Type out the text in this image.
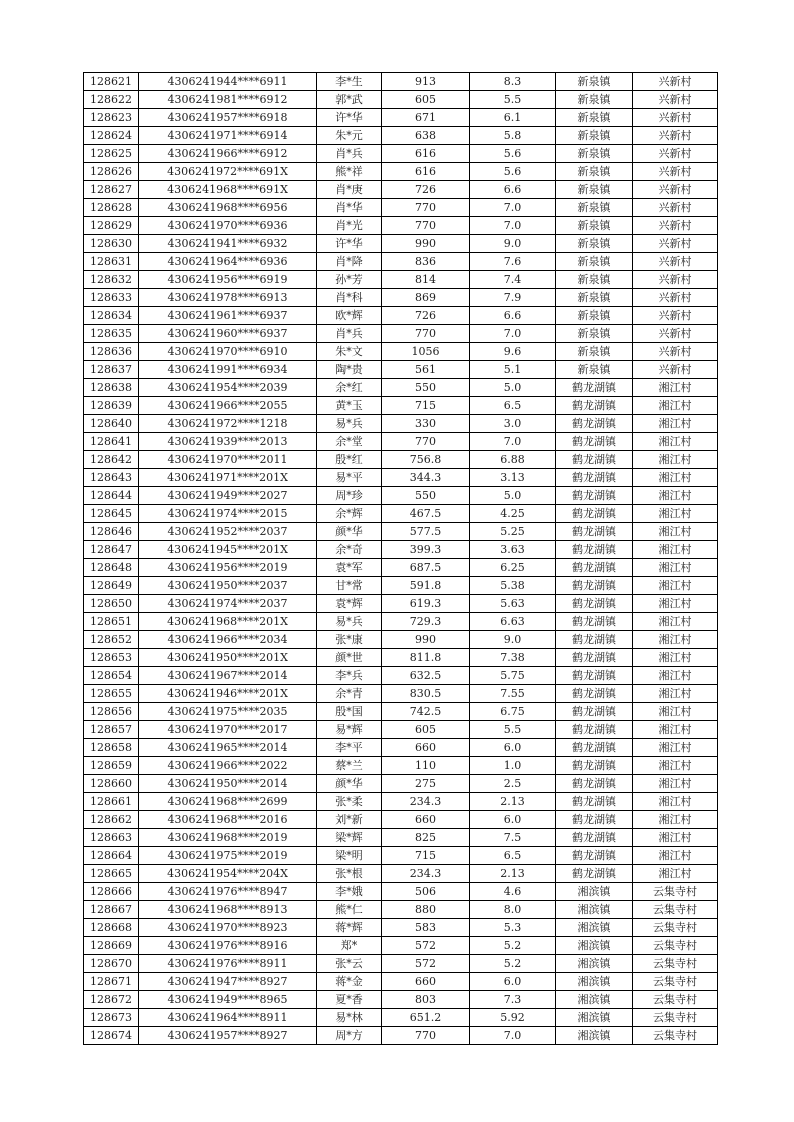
128621	4306241944****6911	李*生	913	8.3	新泉镇	兴新村
128622	4306241981****6912	郭*武	605	5.5	新泉镇	兴新村
128623	4306241957****6918	许*华	671	6.1	新泉镇	兴新村
128624	4306241971****6914	朱*元	638	5.8	新泉镇	兴新村
128625	4306241966****6912	肖*兵	616	5.6	新泉镇	兴新村
128626	4306241972****691X	熊*祥	616	5.6	新泉镇	兴新村
128627	4306241968****691X	肖*庚	726	6.6	新泉镇	兴新村
128628	4306241968****6956	肖*华	770	7.0	新泉镇	兴新村
128629	4306241970****6936	肖*光	770	7.0	新泉镇	兴新村
128630	4306241941****6932	许*华	990	9.0	新泉镇	兴新村
128631	4306241964****6936	肖*降	836	7.6	新泉镇	兴新村
128632	4306241956****6919	孙*芳	814	7.4	新泉镇	兴新村
128633	4306241978****6913	肖*科	869	7.9	新泉镇	兴新村
128634	4306241961****6937	欧*辉	726	6.6	新泉镇	兴新村
128635	4306241960****6937	肖*兵	770	7.0	新泉镇	兴新村
128636	4306241970****6910	朱*文	1056	9.6	新泉镇	兴新村
128637	4306241991****6934	陶*贵	561	5.1	新泉镇	兴新村
128638	4306241954****2039	余*红	550	5.0	鹤龙湖镇	湘江村
128639	4306241966****2055	黄*玉	715	6.5	鹤龙湖镇	湘江村
128640	4306241972****1218	易*兵	330	3.0	鹤龙湖镇	湘江村
128641	4306241939****2013	余*堂	770	7.0	鹤龙湖镇	湘江村
128642	4306241970****2011	殷*红	756.8	6.88	鹤龙湖镇	湘江村
128643	4306241971****201X	易*平	344.3	3.13	鹤龙湖镇	湘江村
128644	4306241949****2027	周*珍	550	5.0	鹤龙湖镇	湘江村
128645	4306241974****2015	余*辉	467.5	4.25	鹤龙湖镇	湘江村
128646	4306241952****2037	颜*华	577.5	5.25	鹤龙湖镇	湘江村
128647	4306241945****201X	余*奇	399.3	3.63	鹤龙湖镇	湘江村
128648	4306241956****2019	袁*军	687.5	6.25	鹤龙湖镇	湘江村
128649	4306241950****2037	甘*常	591.8	5.38	鹤龙湖镇	湘江村
128650	4306241974****2037	袁*辉	619.3	5.63	鹤龙湖镇	湘江村
128651	4306241968****201X	易*兵	729.3	6.63	鹤龙湖镇	湘江村
128652	4306241966****2034	张*康	990	9.0	鹤龙湖镇	湘江村
128653	4306241950****201X	颜*世	811.8	7.38	鹤龙湖镇	湘江村
128654	4306241967****2014	李*兵	632.5	5.75	鹤龙湖镇	湘江村
128655	4306241946****201X	余*青	830.5	7.55	鹤龙湖镇	湘江村
128656	4306241975****2035	殷*国	742.5	6.75	鹤龙湖镇	湘江村
128657	4306241970****2017	易*辉	605	5.5	鹤龙湖镇	湘江村
128658	4306241965****2014	李*平	660	6.0	鹤龙湖镇	湘江村
128659	4306241966****2022	蔡*兰	110	1.0	鹤龙湖镇	湘江村
128660	4306241950****2014	颜*华	275	2.5	鹤龙湖镇	湘江村
128661	4306241968****2699	张*柔	234.3	2.13	鹤龙湖镇	湘江村
128662	4306241968****2016	刘*新	660	6.0	鹤龙湖镇	湘江村
128663	4306241968****2019	梁*辉	825	7.5	鹤龙湖镇	湘江村
128664	4306241975****2019	梁*明	715	6.5	鹤龙湖镇	湘江村
128665	4306241954****204X	张*根	234.3	2.13	鹤龙湖镇	湘江村
128666	4306241976****8947	李*娥	506	4.6	湘滨镇	云集寺村
128667	4306241968****8913	熊*仁	880	8.0	湘滨镇	云集寺村
128668	4306241970****8923	蒋*辉	583	5.3	湘滨镇	云集寺村
128669	4306241976****8916	郑*	572	5.2	湘滨镇	云集寺村
128670	4306241976****8911	张*云	572	5.2	湘滨镇	云集寺村
128671	4306241947****8927	蒋*金	660	6.0	湘滨镇	云集寺村
128672	4306241949****8965	夏*香	803	7.3	湘滨镇	云集寺村
128673	4306241964****8911	易*林	651.2	5.92	湘滨镇	云集寺村
128674	4306241957****8927	周*方	770	7.0	湘滨镇	云集寺村
